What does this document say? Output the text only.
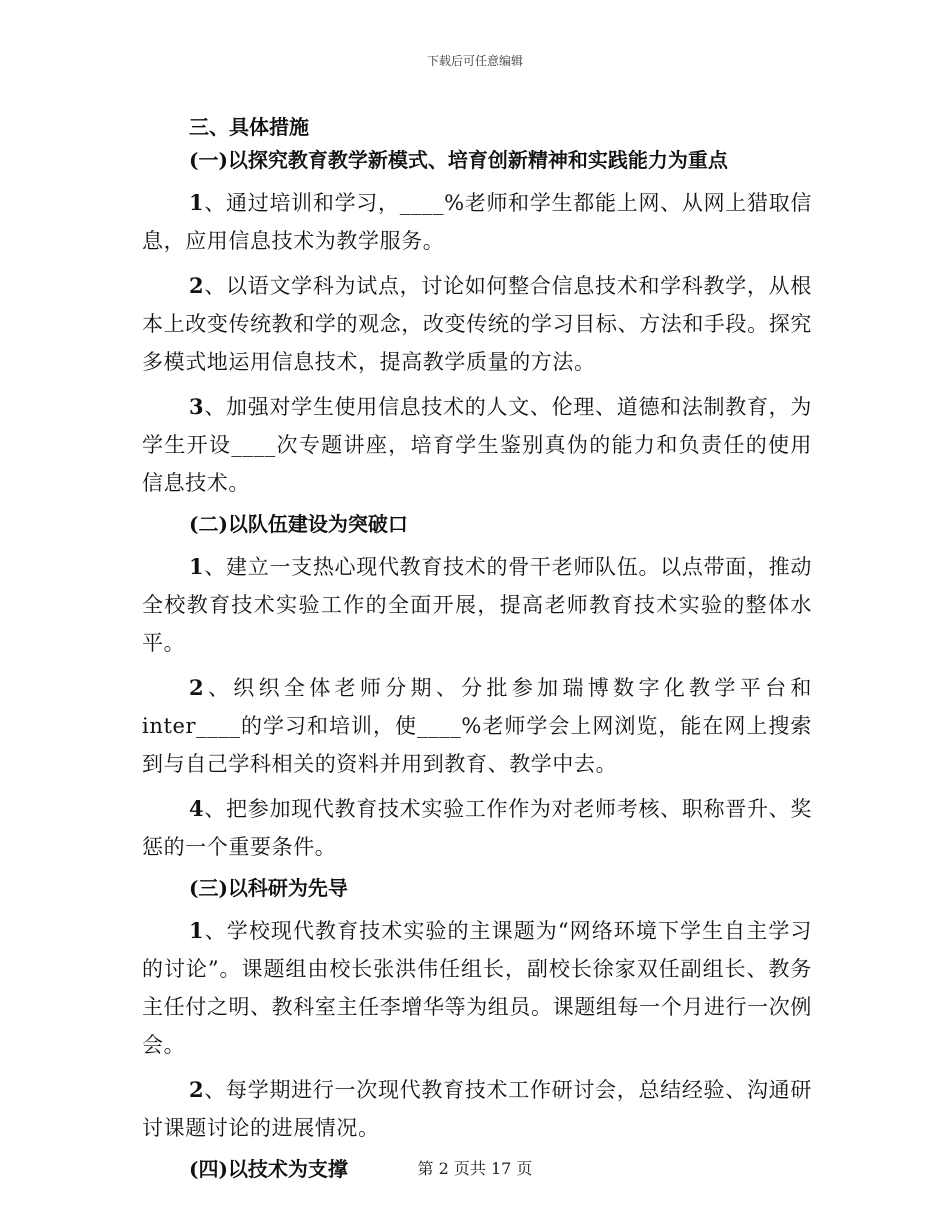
下载后可任意编辑
三、具体措施
(一)以探究教育教学新模式、培育创新精神和实践能力为重点

1、通过培训和学习，____%老师和学生都能上网、从网上猎取信息，应用信息技术为教学服务。

2、以语文学科为试点，讨论如何整合信息技术和学科教学，从根本上改变传统教和学的观念，改变传统的学习目标、方法和手段。探究多模式地运用信息技术，提高教学质量的方法。

3、加强对学生使用信息技术的人文、伦理、道德和法制教育，为学生开设____次专题讲座，培育学生鉴别真伪的能力和负责任的使用信息技术。

(二)以队伍建设为突破口

1、建立一支热心现代教育技术的骨干老师队伍。以点带面，推动全校教育技术实验工作的全面开展，提高老师教育技术实验的整体水平。

2、织织全体老师分期、分批参加瑞博数字化教学平台和inter____的学习和培训，使____%老师学会上网浏览，能在网上搜索到与自己学科相关的资料并用到教育、教学中去。

4、把参加现代教育技术实验工作作为对老师考核、职称晋升、奖惩的一个重要条件。

(三)以科研为先导

1、学校现代教育技术实验的主课题为“网络环境下学生自主学习的讨论”。课题组由校长张洪伟任组长，副校长徐家双任副组长、教务主任付之明、教科室主任李增华等为组员。课题组每一个月进行一次例会。

2、每学期进行一次现代教育技术工作研讨会，总结经验、沟通研讨课题讨论的进展情况。

(四)以技术为支撑	第 2 页共 17 页
